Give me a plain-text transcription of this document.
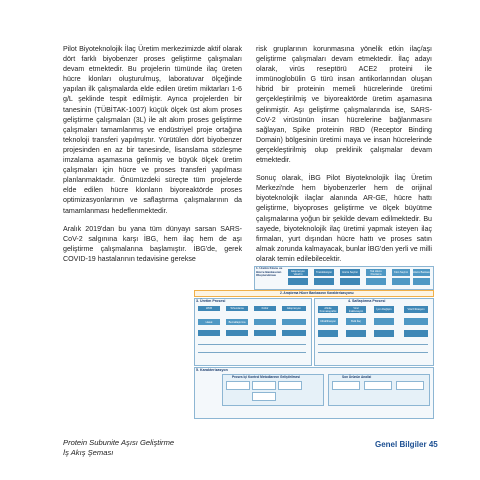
Pilot Biyoteknolojik İlaç Üretim merkezimizde aktif olarak dört farklı biyobenzer proses geliştirme çalışmaları devam etmektedir. Bu projelerin tümünde ilaç üreten hücre klonları oluşturulmuş, laboratuvar ölçeğinde yapılan ilk çalışmalarda elde edilen üretim miktarları 1-6 g/L şeklinde tespit edilmiştir. Ayrıca projelerden bir tanesinin (TÜBİTAK-1007) küçük ölçek üst akım proses geliştirme çalışmaları (3L) ile alt akım proses geliştirme çalışmaları tamamlanmış ve endüstriyel proje ortağına teknoloji transferi yapılmıştır. Yürütülen dört biyobenzer projesinden en az bir tanesinde, lisanslama sözleşme imzalama aşamasına gelinmiş ve büyük ölçek üretim çalışmaları için hücre ve proses transferi yapılması planlanmaktadır. Önümüzdeki süreçte tüm projelerde elde edilen hücre klonların biyoreaktörde proses optimizasyonlarının ve saflaştırma çalışmalarının da tamamlanması hedeflenmektedir.

Aralık 2019'dan bu yana tüm dünyayı sarsan SARS-CoV-2 salgınına karşı İBG, hem ilaç hem de aşı geliştirme çalışmalarına başlamıştır. İBG'de, gerek COVID-19 hastalarının tedavisine gerekse

risk gruplarının korunmasına yönelik etkin ilaç/aşı geliştirme çalışmaları devam etmektedir. İlaç adayı olarak, virüs reseptörü ACE2 proteini ile immünoglobülin G türü insan antikorlarından oluşan hibrid bir proteinin memeli hücrelerinde üretimi gerçekleştirilmiş ve biyoreaktörde üretim aşamasına gelinmiştir. Aşı geliştirme çalışmalarında ise, SARS-CoV-2 virüsünün insan hücrelerine bağlanmasını sağlayan, Spike proteinin RBD (Receptor Binding Domain) bölgesinin üretimi maya ve insan hücrelerinde gerçekleştirilmiş olup preklinik çalışmalar devam etmektedir.

Sonuç olarak, İBG Pilot Biyoteknolojik İlaç Üretim Merkezi'nde hem biyobenzerler hem de orijinal biyoteknolojik ilaçlar alanında AR-GE, hücre hattı geliştirme, biyoproses geliştirme ve ölçek büyütme çalışmalarına yoğun bir şekilde devam edilmektedir. Bu sayede, biyoteknolojik ilaç üretimi yapmak isteyen ilaç firmaları, yurt dışından hücre hattı ve proses satın almak zorunda kalmayacak, bunlar İBG'den yerli ve milli olarak temin edilebilecektir.

1. Üretim Klonu ve Hücre Bankasının Oluşturulması
Ekspresyon Vektörü	Transfeksiyon	Hücre Seçimi	Tek Hücre Klonlama	Klon Seçimi	Hücre Bankası
2. Araştırma Hücre Bankasının Karakterizasyonu
3. Üretim Prosesi
WCB	Tohumlama	Kültür	Ekspresyon
Hasat	Berraklaştırma
4. Saflaştırma Prosesi
Afinite Kromatografisi
Viral İnaktivasyon	İyon Değişim	Viral Filtrasyon
Ultrafiltrasyon	Bulk İlaç
5. Karakterizasyon
Proses İçi Kontrol Metodlarının Geliştirilmesi	Son Ürünün Analizi
Protein Subunite Aşısı Geliştirme
İş Akış Şeması
Genel Bilgiler 45
